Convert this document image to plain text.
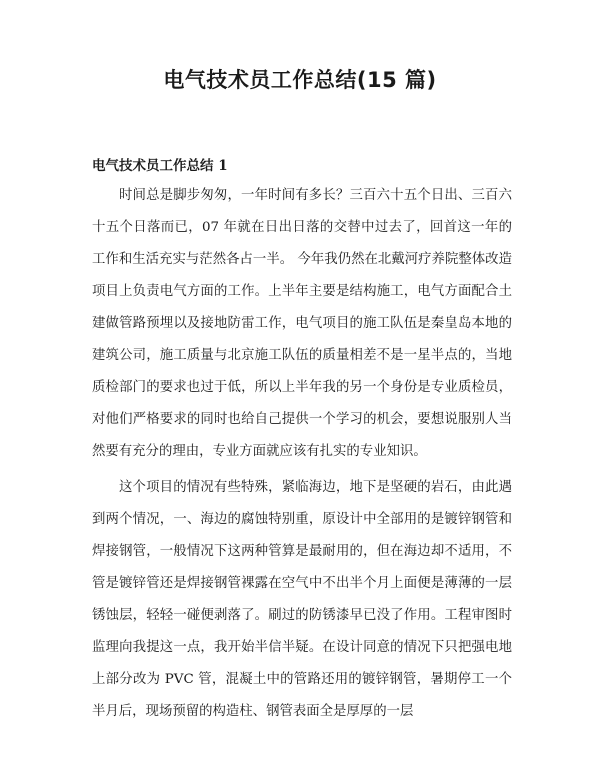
电气技术员工作总结(15 篇)
电气技术员工作总结 1

时间总是脚步匆匆，一年时间有多长？三百六十五个日出、三百六十五个日落而已，07 年就在日出日落的交替中过去了，回首这一年的工作和生活充实与茫然各占一半。 今年我仍然在北戴河疗养院整体改造项目上负责电气方面的工作。上半年主要是结构施工，电气方面配合土建做管路预埋以及接地防雷工作，电气项目的施工队伍是秦皇岛本地的建筑公司，施工质量与北京施工队伍的质量相差不是一星半点的，当地质检部门的要求也过于低，所以上半年我的另一个身份是专业质检员，对他们严格要求的同时也给自己提供一个学习的机会，要想说服别人当然要有充分的理由，专业方面就应该有扎实的专业知识。

这个项目的情况有些特殊，紧临海边，地下是坚硬的岩石，由此遇到两个情况，一、海边的腐蚀特别重，原设计中全部用的是镀锌钢管和焊接钢管，一般情况下这两种管算是最耐用的，但在海边却不适用，不管是镀锌管还是焊接钢管裸露在空气中不出半个月上面便是薄薄的一层锈蚀层，轻轻一碰便剥落了。刷过的防锈漆早已没了作用。工程审图时监理向我提这一点，我开始半信半疑。在设计同意的情况下只把强电地上部分改为 PVC 管，混凝土中的管路还用的镀锌钢管，暑期停工一个半月后，现场预留的构造柱、钢管表面全是厚厚的一层
